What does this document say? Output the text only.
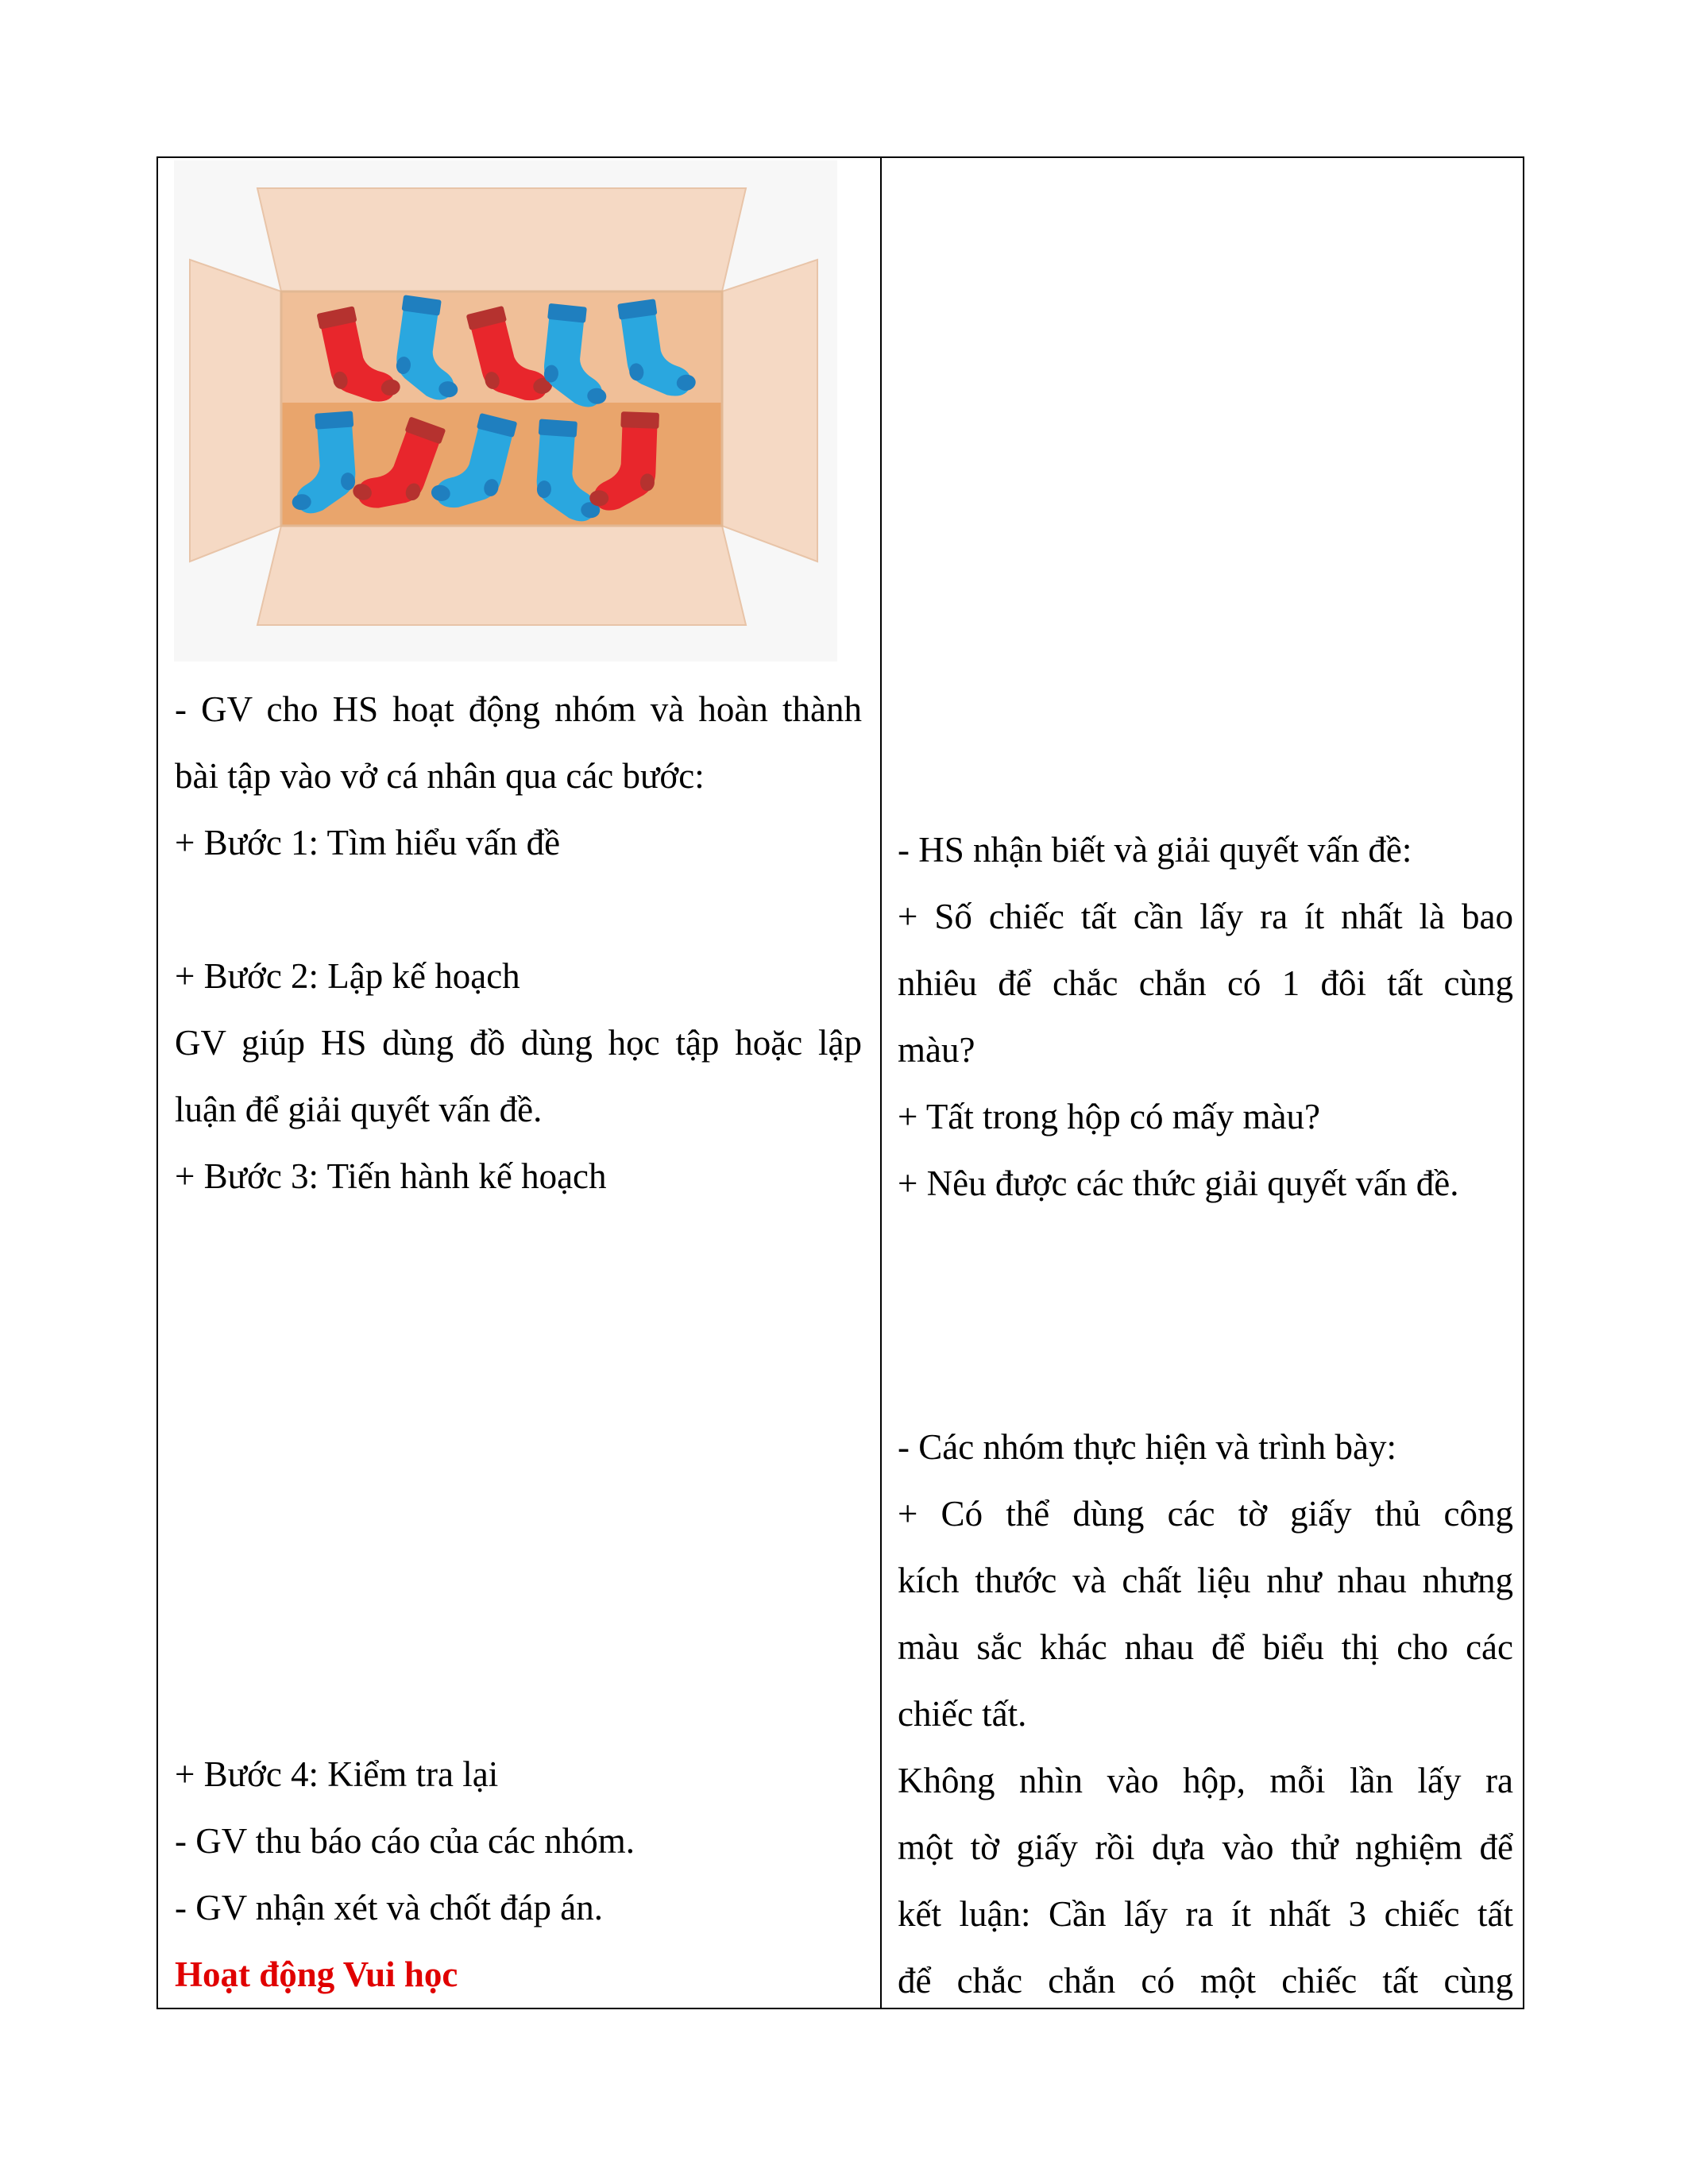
- GV cho HS hoạt động nhóm và hoàn thành
bài tập vào vở cá nhân qua các bước:
+ Bước 1: Tìm hiểu vấn đề
+ Bước 2: Lập kế hoạch
GV giúp HS dùng đồ dùng học tập hoặc lập
luận để giải quyết vấn đề.
+ Bước 3: Tiến hành kế hoạch
+ Bước 4: Kiểm tra lại
- GV thu báo cáo của các nhóm.
- GV nhận xét và chốt đáp án.
Hoạt động Vui học
- HS nhận biết và giải quyết vấn đề:
+ Số chiếc tất cần lấy ra ít nhất là bao
nhiêu để chắc chắn có 1 đôi tất cùng
màu?
+ Tất trong hộp có mấy màu?
+ Nêu được các thức giải quyết vấn đề.
- Các nhóm thực hiện và trình bày:
+ Có thể dùng các tờ giấy thủ công
kích thước và chất liệu như nhau nhưng
màu sắc khác nhau để biểu thị cho các
chiếc tất.
Không nhìn vào hộp, mỗi lần lấy ra
một tờ giấy rồi dựa vào thử nghiệm để
kết luận: Cần lấy ra ít nhất 3 chiếc tất
để chắc chắn có một chiếc tất cùng
